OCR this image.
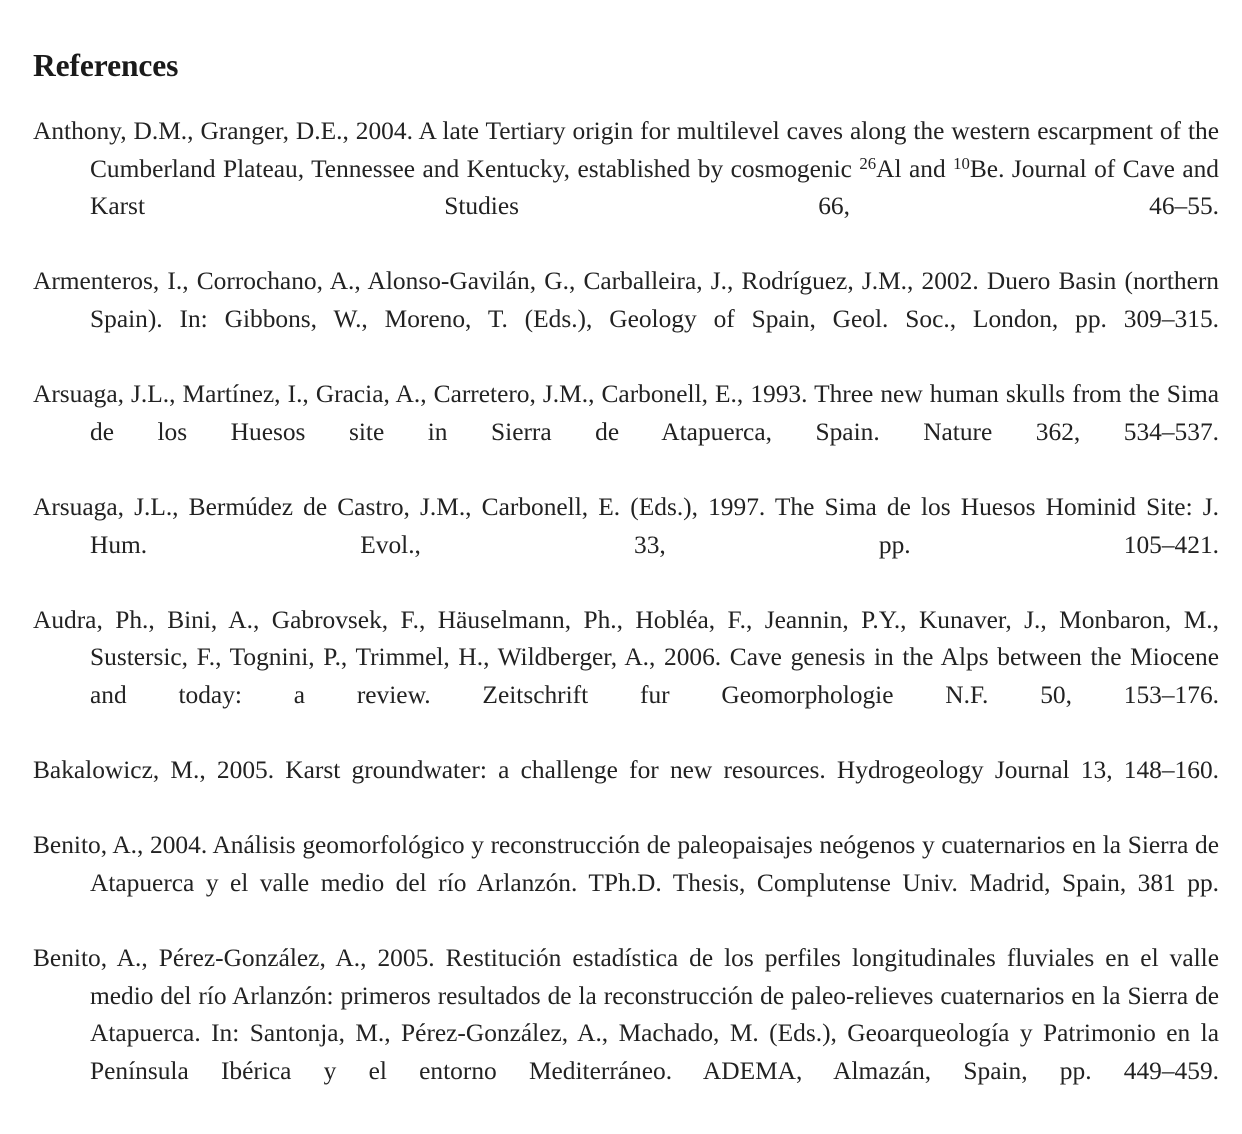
References

Anthony, D.M., Granger, D.E., 2004. A late Tertiary origin for multilevel caves along the western escarpment of the Cumberland Plateau, Tennessee and Kentucky, established by cosmogenic $^{26}$Al and $^{10}$Be. Journal of Cave and Karst Studies 66, 46–55.

Armenteros, I., Corrochano, A., Alonso-Gavilán, G., Carballeira, J., Rodríguez, J.M., 2002. Duero Basin (northern Spain). In: Gibbons, W., Moreno, T. (Eds.), Geology of Spain, Geol. Soc., London, pp. 309–315.

Arsuaga, J.L., Martínez, I., Gracia, A., Carretero, J.M., Carbonell, E., 1993. Three new human skulls from the Sima de los Huesos site in Sierra de Atapuerca, Spain. Nature 362, 534–537.

Arsuaga, J.L., Bermúdez de Castro, J.M., Carbonell, E. (Eds.), 1997. The Sima de los Huesos Hominid Site: J. Hum. Evol., 33, pp. 105–421.

Audra, Ph., Bini, A., Gabrovsek, F., Häuselmann, Ph., Hobléa, F., Jeannin, P.Y., Kunaver, J., Monbaron, M., Sustersic, F., Tognini, P., Trimmel, H., Wildberger, A., 2006. Cave genesis in the Alps between the Miocene and today: a review. Zeitschrift fur Geomorphologie N.F. 50, 153–176.

Bakalowicz, M., 2005. Karst groundwater: a challenge for new resources. Hydrogeology Journal 13, 148–160.

Benito, A., 2004. Análisis geomorfológico y reconstrucción de paleopaisajes neógenos y cuaternarios en la Sierra de Atapuerca y el valle medio del río Arlanzón. TPh.D. Thesis, Complutense Univ. Madrid, Spain, 381 pp.

Benito, A., Pérez-González, A., 2005. Restitución estadística de los perfiles longitudinales fluviales en el valle medio del río Arlanzón: primeros resultados de la reconstrucción de paleo-relieves cuaternarios en la Sierra de Atapuerca. In: Santonja, M., Pérez-González, A., Machado, M. (Eds.), Geoarqueología y Patrimonio en la Península Ibérica y el entorno Mediterráneo. ADEMA, Almazán, Spain, pp. 449–459.
